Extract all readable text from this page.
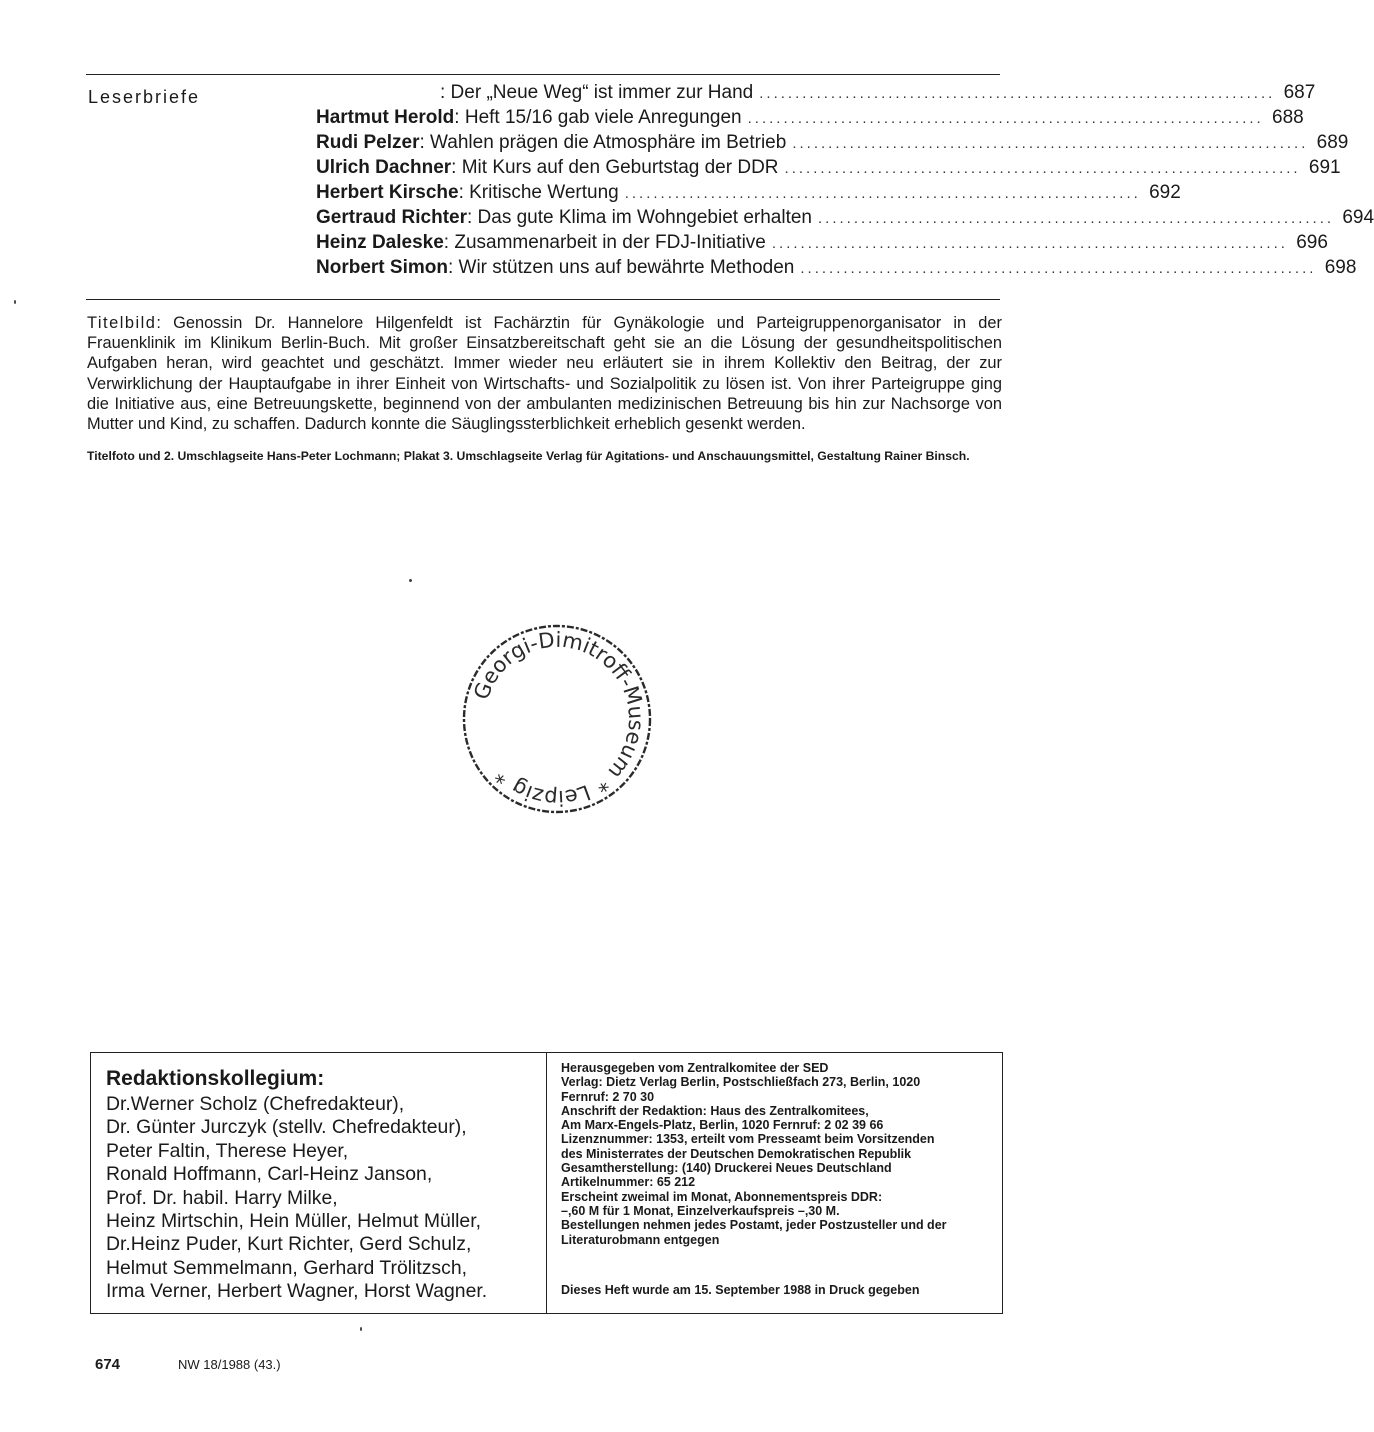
Leserbriefe	: Der „Neue Weg“ ist immer zur Hand ........................................................................ 687
Hartmut Herold : Heft 15/16 gab viele Anregungen ........................................................................ 688
Rudi Pelzer : Wahlen prägen die Atmosphäre im Betrieb ........................................................................ 689
Ulrich Dachner : Mit Kurs auf den Geburtstag der DDR ........................................................................ 691
Herbert Kirsche : Kritische Wertung ........................................................................ 692
Gertraud Richter : Das gute Klima im Wohngebiet erhalten ........................................................................ 694
Heinz Daleske : Zusammenarbeit in der FDJ-Initiative ........................................................................ 696
Norbert Simon : Wir stützen uns auf bewährte Methoden ........................................................................ 698
Titelbild: Genossin Dr. Hannelore Hilgenfeldt ist Fachärztin für Gynäkologie und Parteigruppenorganisator in der Frauenklinik im Klinikum Berlin-Buch. Mit großer Einsatzbereitschaft geht sie an die Lösung der gesundheitspolitischen Aufgaben heran, wird geachtet und geschätzt. Immer wieder neu erläutert sie in ihrem Kollektiv den Beitrag, der zur Verwirklichung der Hauptaufgabe in ihrer Einheit von Wirtschafts- und Sozialpolitik zu lösen ist. Von ihrer Parteigruppe ging die Initiative aus, eine Betreuungskette, beginnend von der ambulanten medizinischen Betreuung bis hin zur Nachsorge von Mutter und Kind, zu schaffen. Dadurch konnte die Säuglingssterblichkeit erheblich gesenkt werden.
Titelfoto und 2. Umschlagseite Hans-Peter Lochmann; Plakat 3. Umschlagseite Verlag für Agitations- und Anschauungsmittel, Gestaltung Rainer Binsch.
Georgi-Dimitroff-Museum * Leipzig *
Redaktionskollegium:
Dr.Werner Scholz (Chefredakteur),
Dr. Günter Jurczyk (stellv. Chefredakteur),
Peter Faltin, Therese Heyer,
Ronald Hoffmann, Carl-Heinz Janson,
Prof. Dr. habil. Harry Milke,
Heinz Mirtschin, Hein Müller, Helmut Müller,
Dr.Heinz Puder, Kurt Richter, Gerd Schulz,
Helmut Semmelmann, Gerhard Trölitzsch,
Irma Verner, Herbert Wagner, Horst Wagner.
Herausgegeben vom Zentralkomitee der SED
Verlag: Dietz Verlag Berlin, Postschließfach 273, Berlin, 1020
Fernruf: 2 70 30
Anschrift der Redaktion: Haus des Zentralkomitees,
Am Marx-Engels-Platz, Berlin, 1020 Fernruf: 2 02 39 66
Lizenznummer: 1353, erteilt vom Presseamt beim Vorsitzenden
des Ministerrates der Deutschen Demokratischen Republik
Gesamtherstellung: (140) Druckerei Neues Deutschland
Artikelnummer: 65 212
Erscheint zweimal im Monat, Abonnementspreis DDR:
–,60 M für 1 Monat, Einzelverkaufspreis –,30 M.
Bestellungen nehmen jedes Postamt, jeder Postzusteller und der
Literaturobmann entgegen
Dieses Heft wurde am 15. September 1988 in Druck gegeben
674	NW 18/1988 (43.)
